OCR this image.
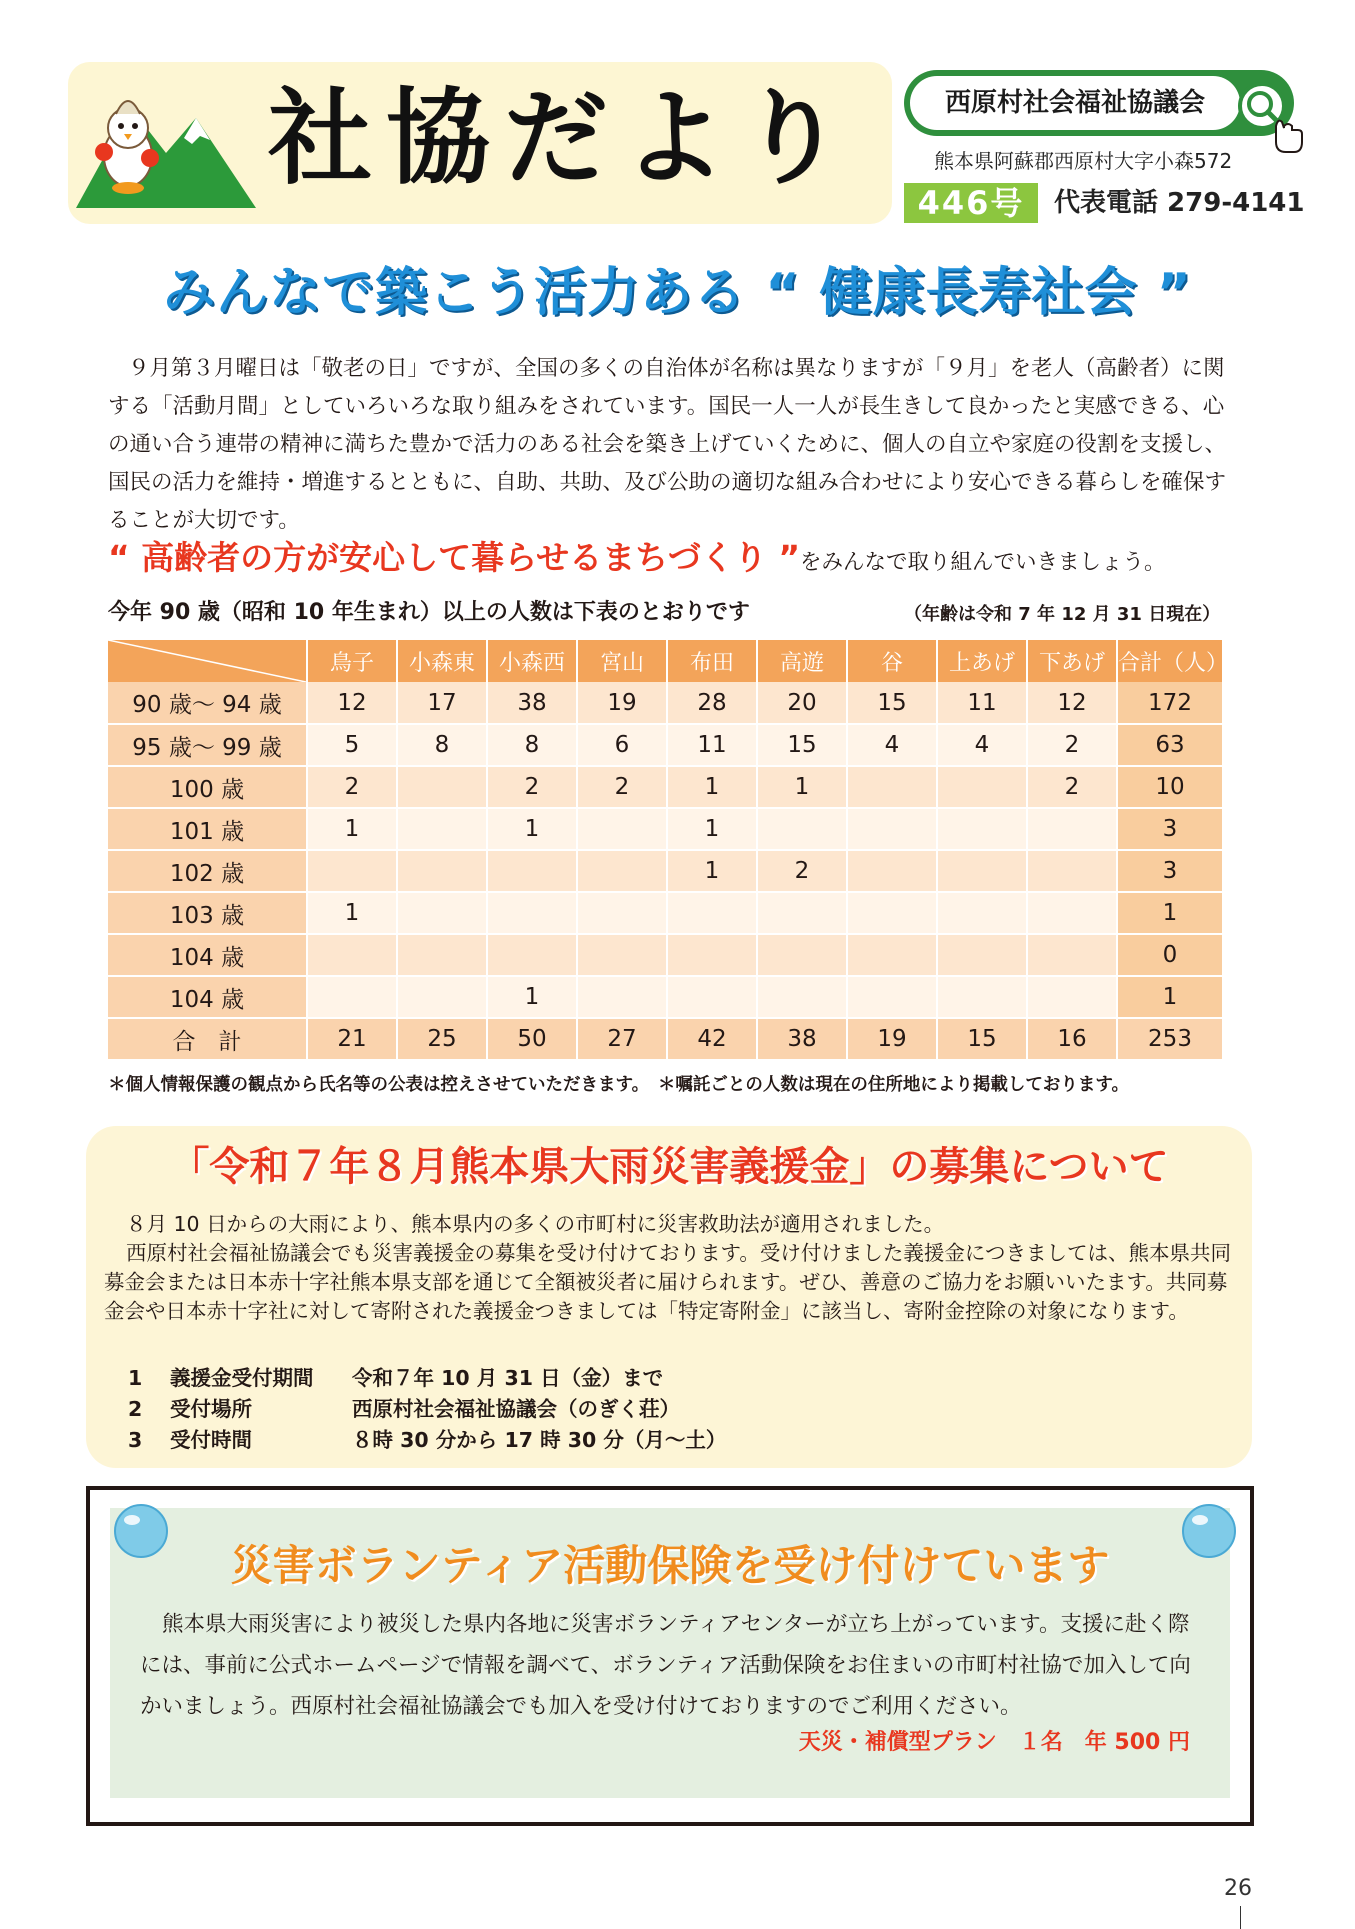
社協だより	西原村社会福祉協議会
熊本県阿蘇郡西原村大字小森572
446号	代表電話 279-4141
みんなで築こう活力ある “ 健康長寿社会 ”

９月第３月曜日は「敬老の日」ですが、全国の多くの自治体が名称は異なりますが「９月」を老人（高齢者）に関する「活動月間」としていろいろな取り組みをされています。国民一人一人が長生きして良かったと実感できる、心の通い合う連帯の精神に満ちた豊かで活力のある社会を築き上げていくために、個人の自立や家庭の役割を支援し、国民の活力を維持・増進するとともに、自助、共助、及び公助の適切な組み合わせにより安心できる暮らしを確保することが大切です。

“ 高齢者の方が安心して暮らせるまちづくり ”をみんなで取り組んでいきましょう。
今年 90 歳（昭和 10 年生まれ）以上の人数は下表のとおりです	（年齢は令和 7 年 12 月 31 日現在）
	鳥子	小森東	小森西	宮山	布田	高遊	谷	上あげ	下あげ	合計（人）
90 歳〜 94 歳	12	17	38	19	28	20	15	11	12	172
95 歳〜 99 歳	5	8	8	6	11	15	4	4	2	63
100 歳	2		2	2	1	1			2	10
101 歳	1		1		1					3
102 歳					1	2				3
103 歳	1									1
104 歳										0
104 歳			1							1
合　計	21	25	50	27	42	38	19	15	16	253
＊個人情報保護の観点から氏名等の公表は控えさせていただきます。　＊嘱託ごとの人数は現在の住所地により掲載しております。
「令和７年８月熊本県大雨災害義援金」の募集について

８月 10 日からの大雨により、熊本県内の多くの市町村に災害救助法が適用されました。

西原村社会福祉協議会でも災害義援金の募集を受け付けております。受け付けました義援金につきましては、熊本県共同募金会または日本赤十字社熊本県支部を通じて全額被災者に届けられます。ぜひ、善意のご協力をお願いいたます。共同募金会や日本赤十字社に対して寄附された義援金つきましては「特定寄附金」に該当し、寄附金控除の対象になります。

1	義援金受付期間	令和７年 10 月 31 日（金）まで
2	受付場所	西原村社会福祉協議会（のぎく荘）
3	受付時間	８時 30 分から 17 時 30 分（月〜土）
災害ボランティア活動保険を受け付けています

熊本県大雨災害により被災した県内各地に災害ボランティアセンターが立ち上がっています。支援に赴く際には、事前に公式ホームページで情報を調べて、ボランティア活動保険をお住まいの市町村社協で加入して向かいましょう。西原村社会福祉協議会でも加入を受け付けておりますのでご利用ください。

天災・補償型プラン　１名　年 500 円
26
